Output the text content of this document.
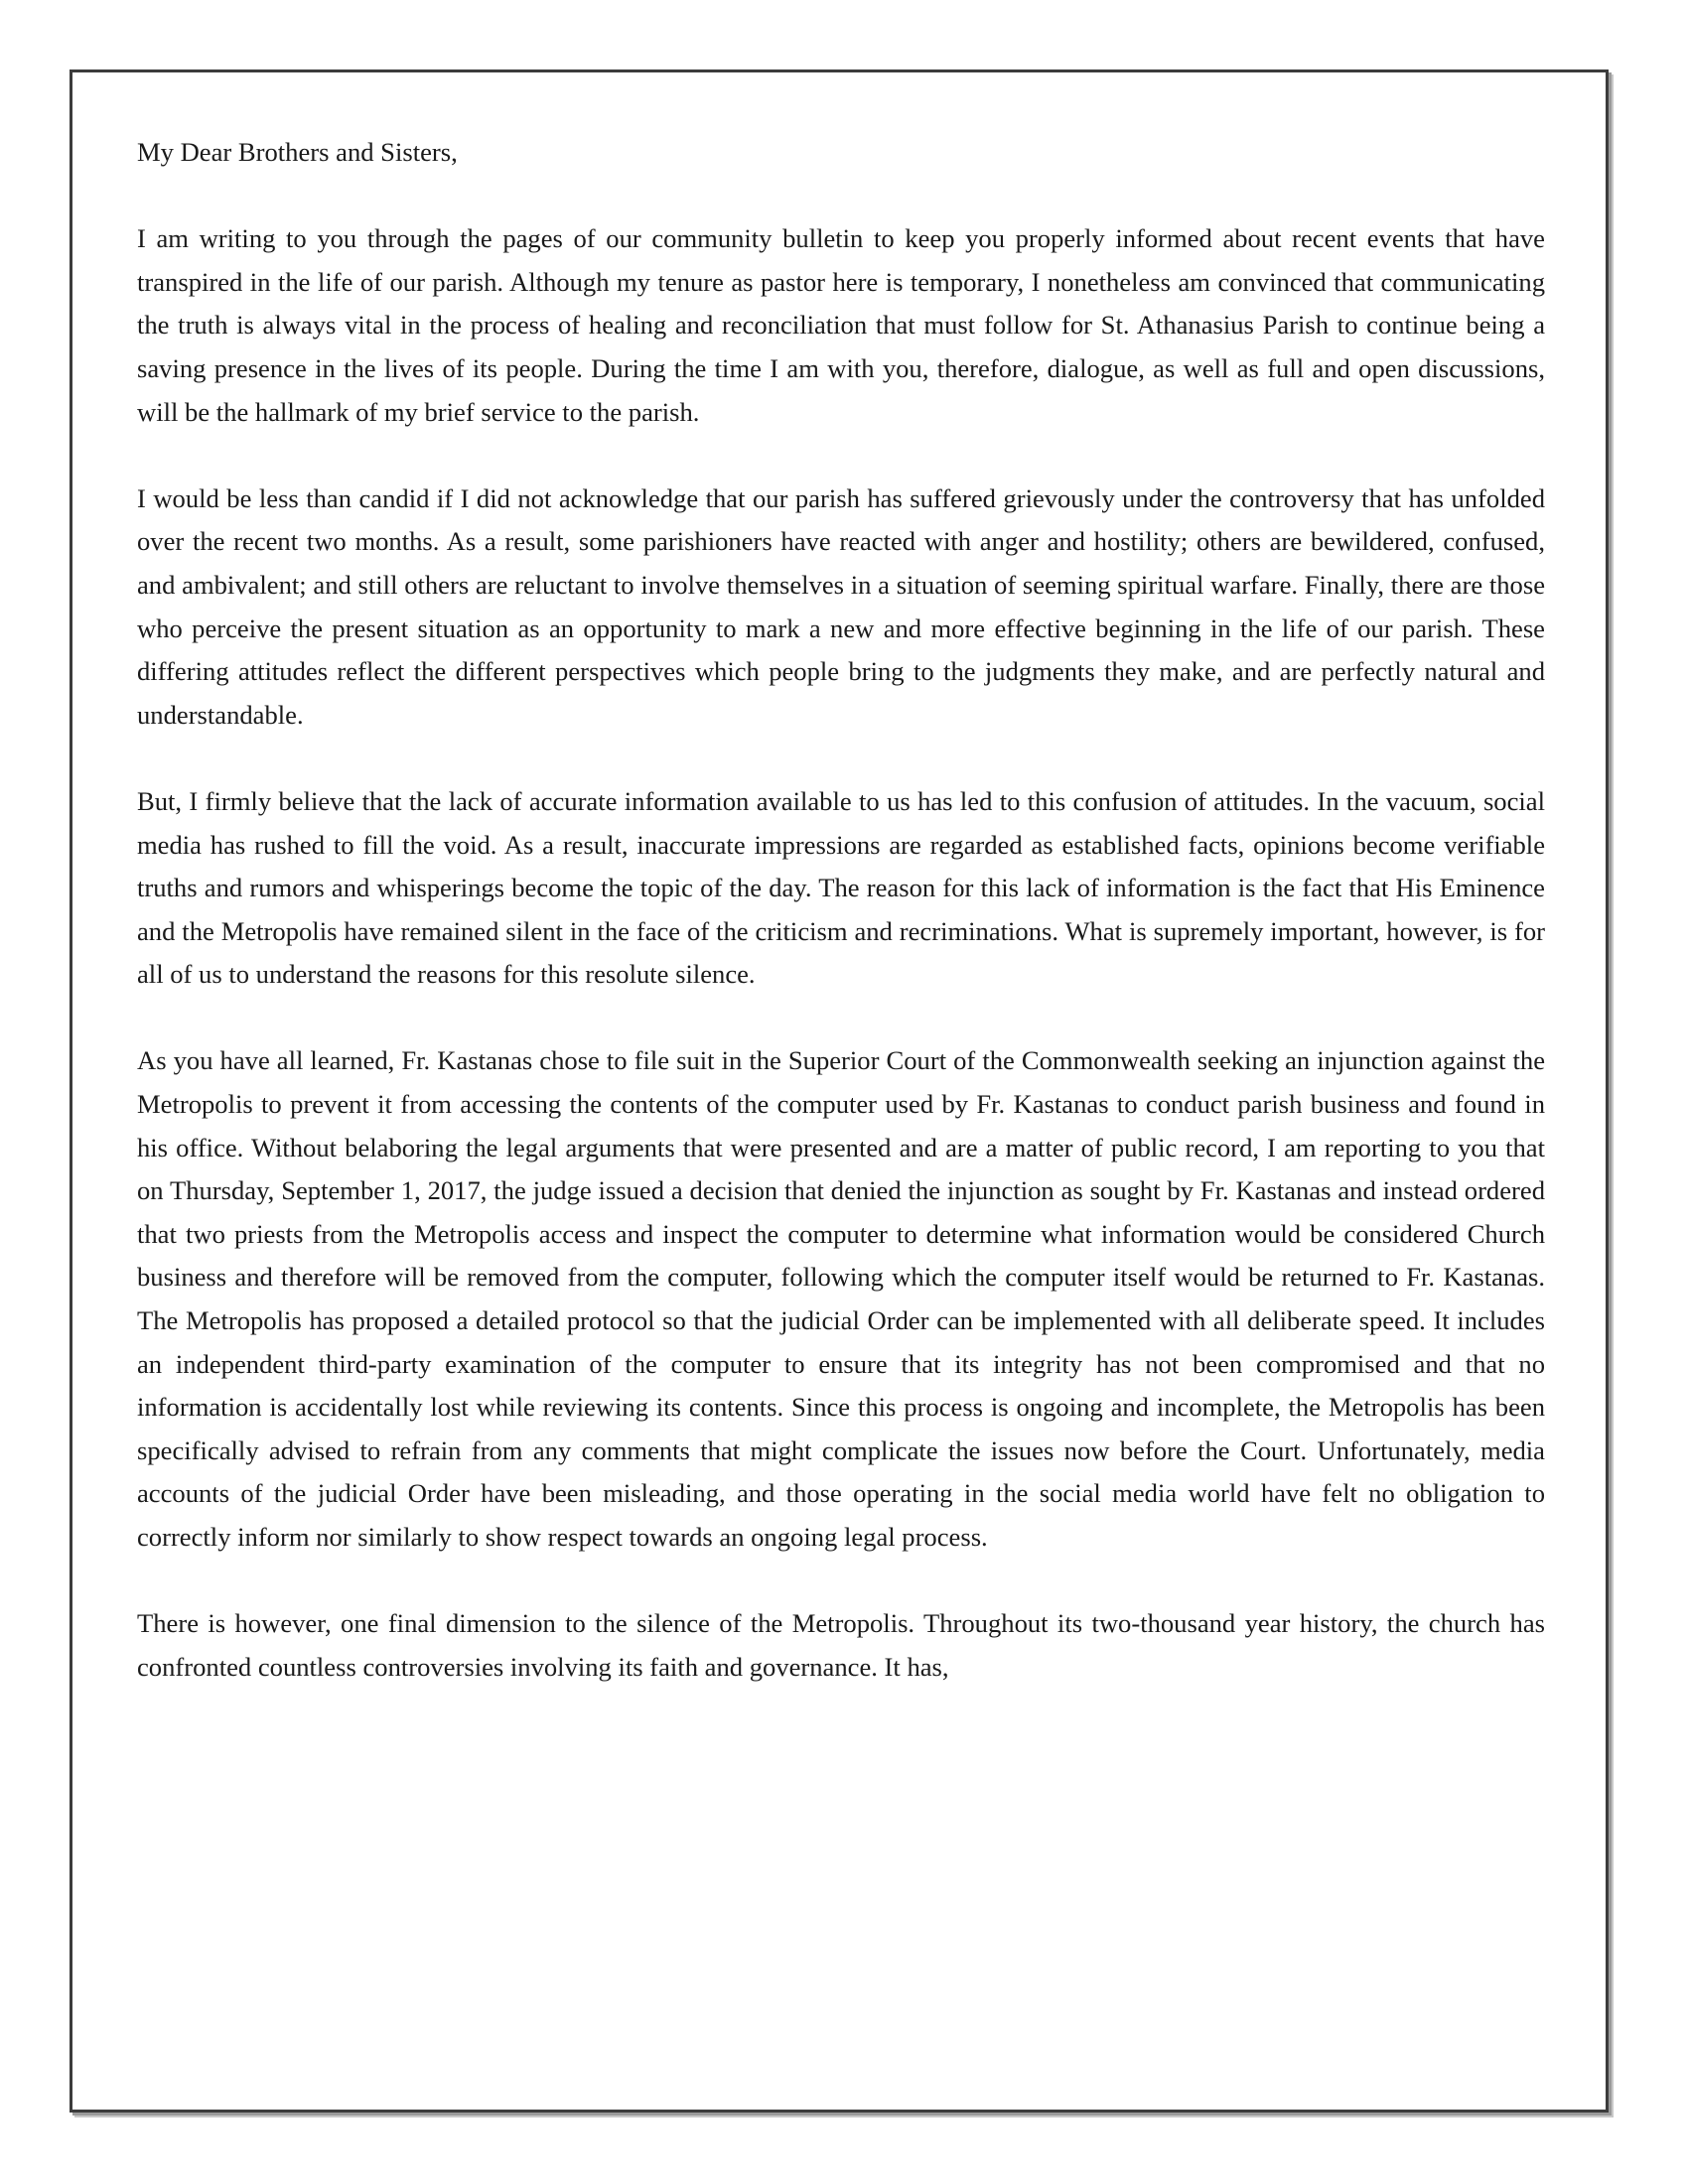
My Dear Brothers and Sisters,

I am writing to you through the pages of our community bulletin to keep you properly informed about recent events that have transpired in the life of our parish. Although my tenure as pastor here is temporary, I nonetheless am convinced that communicating the truth is always vital in the process of healing and reconciliation that must follow for St. Athanasius Parish to continue being a saving presence in the lives of its people. During the time I am with you, therefore, dialogue, as well as full and open discussions, will be the hallmark of my brief service to the parish.

I would be less than candid if I did not acknowledge that our parish has suffered grievously under the controversy that has unfolded over the recent two months. As a result, some parishioners have reacted with anger and hostility; others are bewildered, confused, and ambivalent; and still others are reluctant to involve themselves in a situation of seeming spiritual warfare. Finally, there are those who perceive the present situation as an opportunity to mark a new and more effective beginning in the life of our parish. These differing attitudes reflect the different perspectives which people bring to the judgments they make, and are perfectly natural and understandable.

But, I firmly believe that the lack of accurate information available to us has led to this confusion of attitudes. In the vacuum, social media has rushed to fill the void. As a result, inaccurate impressions are regarded as established facts, opinions become verifiable truths and rumors and whisperings become the topic of the day. The reason for this lack of information is the fact that His Eminence and the Metropolis have remained silent in the face of the criticism and recriminations. What is supremely important, however, is for all of us to understand the reasons for this resolute silence.

As you have all learned, Fr. Kastanas chose to file suit in the Superior Court of the Commonwealth seeking an injunction against the Metropolis to prevent it from accessing the contents of the computer used by Fr. Kastanas to conduct parish business and found in his office. Without belaboring the legal arguments that were presented and are a matter of public record, I am reporting to you that on Thursday, September 1, 2017, the judge issued a decision that denied the injunction as sought by Fr. Kastanas and instead ordered that two priests from the Metropolis access and inspect the computer to determine what information would be considered Church business and therefore will be removed from the computer, following which the computer itself would be returned to Fr. Kastanas. The Metropolis has proposed a detailed protocol so that the judicial Order can be implemented with all deliberate speed. It includes an independent third-party examination of the computer to ensure that its integrity has not been compromised and that no information is accidentally lost while reviewing its contents. Since this process is ongoing and incomplete, the Metropolis has been specifically advised to refrain from any comments that might complicate the issues now before the Court. Unfortunately, media accounts of the judicial Order have been misleading, and those operating in the social media world have felt no obligation to correctly inform nor similarly to show respect towards an ongoing legal process.

There is however, one final dimension to the silence of the Metropolis. Throughout its two-thousand year history, the church has confronted countless controversies involving its faith and governance. It has,
